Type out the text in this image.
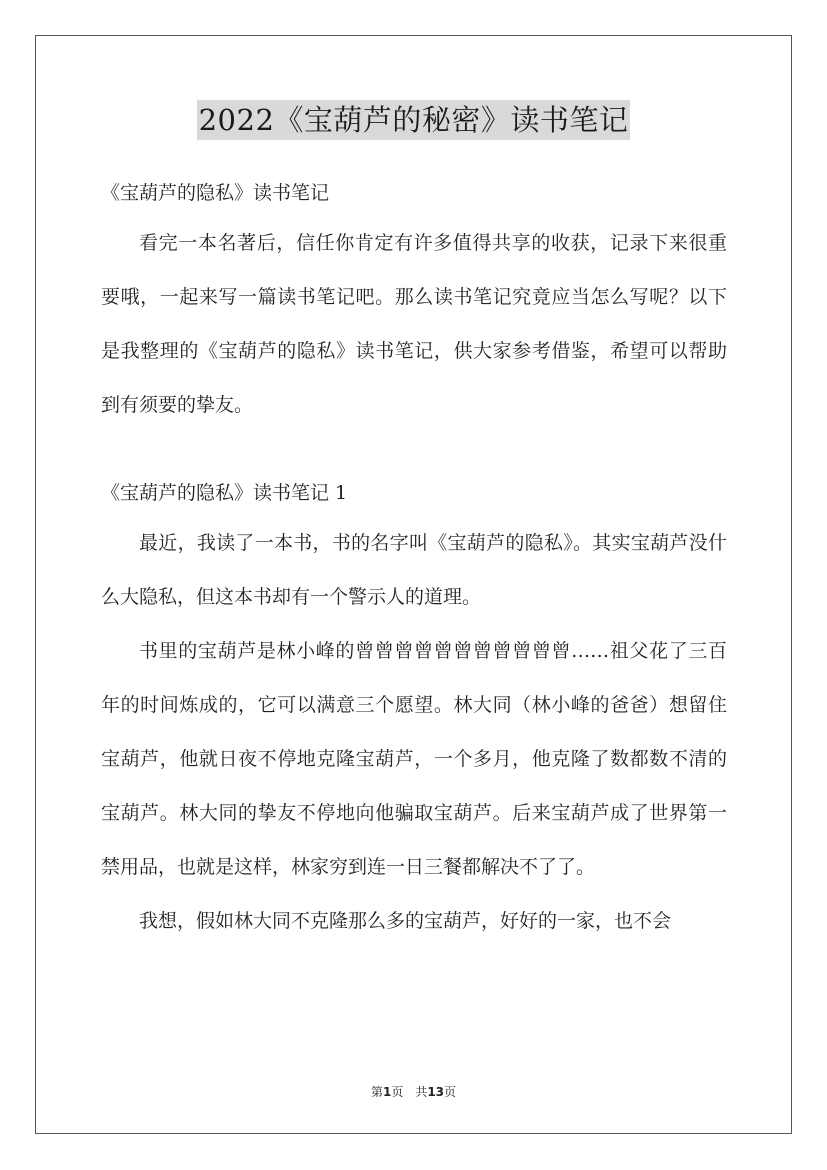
2022《宝葫芦的秘密》读书笔记

《宝葫芦的隐私》读书笔记

看完一本名著后，信任你肯定有许多值得共享的收获，记录下来很重要哦，一起来写一篇读书笔记吧。那么读书笔记究竟应当怎么写呢？以下是我整理的《宝葫芦的隐私》读书笔记，供大家参考借鉴，希望可以帮助到有须要的挚友。

《宝葫芦的隐私》读书笔记 1

最近，我读了一本书，书的名字叫《宝葫芦的隐私》。其实宝葫芦没什么大隐私，但这本书却有一个警示人的道理。

书里的宝葫芦是林小峰的曾曾曾曾曾曾曾曾曾曾曾……祖父花了三百年的时间炼成的，它可以满意三个愿望。林大同（林小峰的爸爸）想留住宝葫芦，他就日夜不停地克隆宝葫芦，一个多月，他克隆了数都数不清的宝葫芦。林大同的挚友不停地向他骗取宝葫芦。后来宝葫芦成了世界第一禁用品，也就是这样，林家穷到连一日三餐都解决不了了。

我想，假如林大同不克隆那么多的宝葫芦，好好的一家，也不会

第1页　共13页
